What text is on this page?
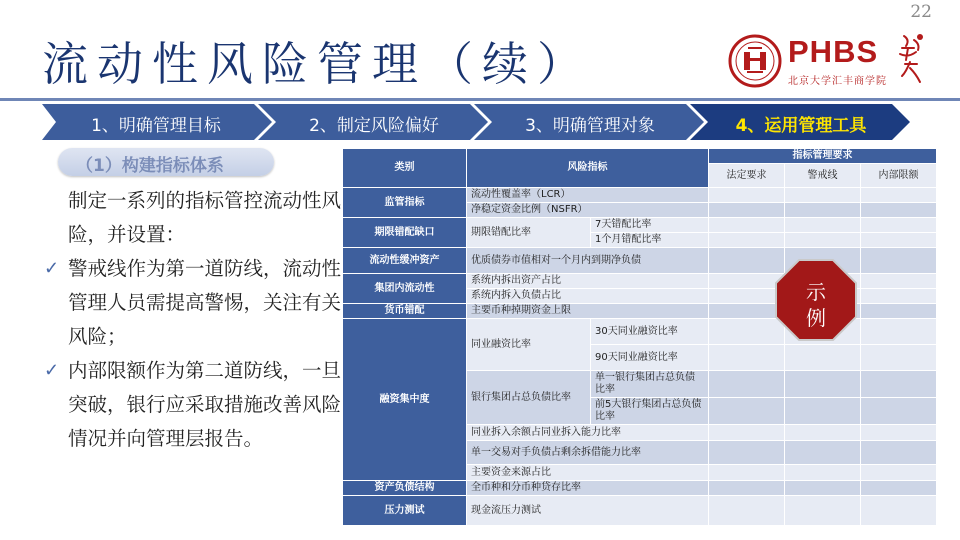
22
流动性风险管理（续）	PHBS
北京大学汇丰商学院
1、明确管理目标	2、制定风险偏好	3、明确管理对象	4、运用管理工具
（1）构建指标体系
制定一系列的指标管控流动性风险，并设置：
✓ 警戒线作为第一道防线，流动性管理人员需提高警惕，关注有关风险；
✓ 内部限额作为第二道防线，一旦突破，银行应采取措施改善风险情况并向管理层报告。
类别	风险指标		指标管理要求		
			法定要求	警戒线	内部限额
监管指标	流动性覆盖率（LCR）				
	净稳定资金比例（NSFR）				
期限错配缺口	期限错配比率	7天错配比率			
		1个月错配比率			
流动性缓冲资产	优质债券市值相对一个月内到期净负债				
集团内流动性	系统内拆出资产占比				
	系统内拆入负债占比				
货币错配	主要币种掉期资金上限				
融资集中度	同业融资比率	30天同业融资比率			
		90天同业融资比率			
	银行集团占总负债比率	单一银行集团占总负债比率			
		前5大银行集团占总负债比率			
	同业拆入余额占同业拆入能力比率				
	单一交易对手负债占剩余拆借能力比率				
	主要资金来源占比				
资产负债结构	全币种和分币种贷存比率				
压力测试	现金流压力测试				
示
例
